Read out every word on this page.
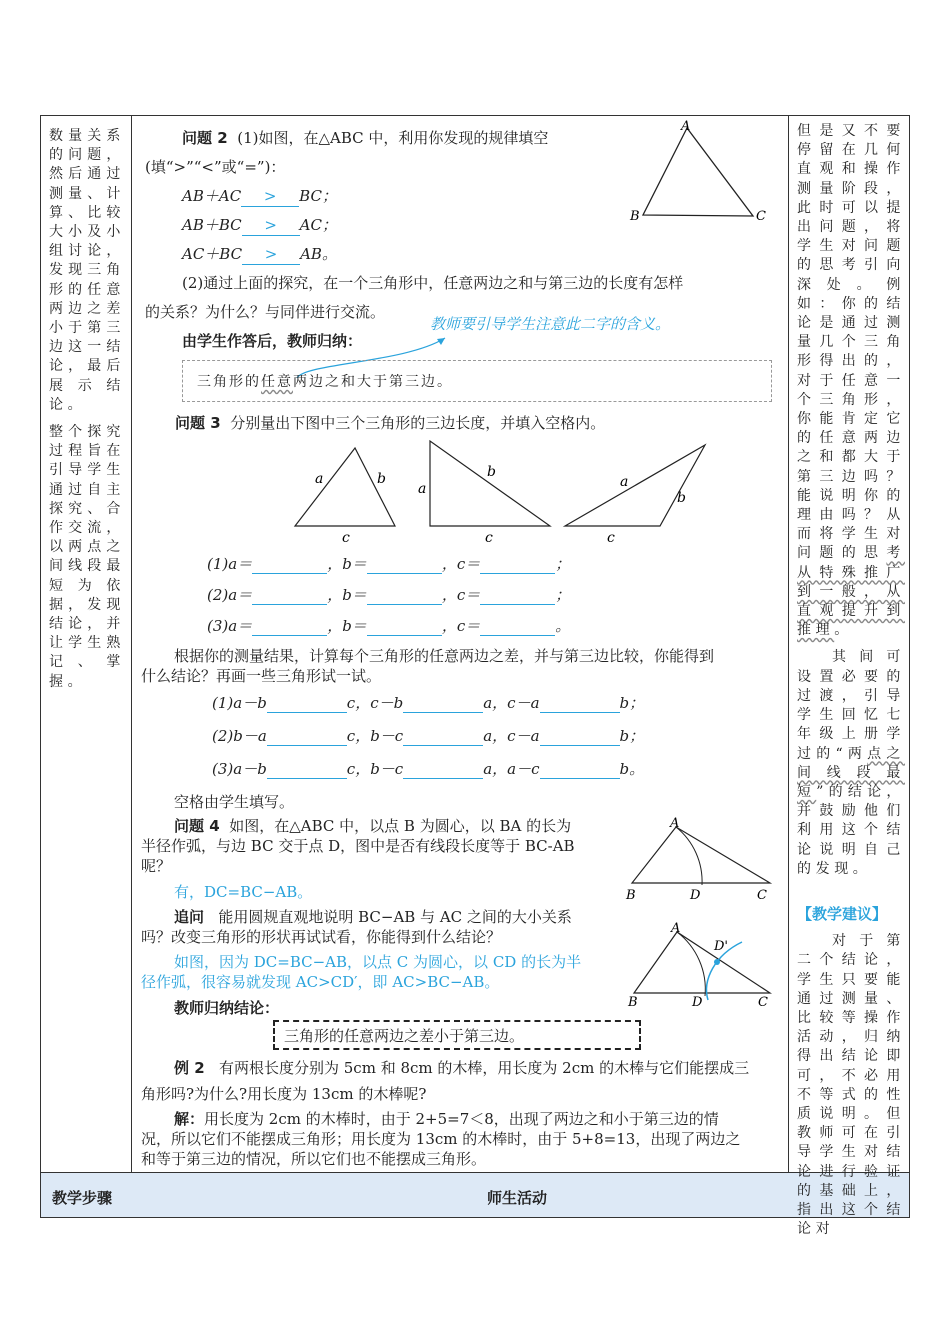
教学步骤	师生活动

数量关系的问题，然后通过测量、计算、比较大小及小组讨论，发现三角形的任意两边之差小于第三边这一结论，最后展示结论。

整个探究过程旨在引导学生通过自主探究、合作交流，以两点之间线段最短为依据，发现结论，并让学生熟记、掌握。

但是又不要停留在几何直观和操作测量阶段，此时可以提出问题，将学生对问题的思考引向深处。例如：你的结论是通过测量几个三角形得出的，对于任意一个三角形，你能肯定它的任意两边之和都大于第三边吗？能说明你的理由吗？从而将学生对问题的思考从特殊推广到一般，从直观提升到推理。

其间可设置必要的过渡，引导学生回忆七年级上册学过的“两点之间线段最短”的结论，并鼓励他们利用这个结论说明自己的发现。

【教学建议】

对于第二个结论，学生只要能通过测量、比较等操作活动，归纳得出结论即可，不必用不等式的性质说明。但教师可在引导学生对结论进行验证的基础上，指出这个结论对

问题 2 (1)如图，在△ABC 中，利用你发现的规律填空
(填“>”“<”或“=”)：
AB＋AC > BC；
AB＋BC > AC；
AC＋BC > AB。
(2)通过上面的探究，在一个三角形中，任意两边之和与第三边的长度有怎样
的关系？为什么？与同伴进行交流。
由学生作答后，教师归纳：
教师要引导学生注意此二字的含义。
三角形的任意两边之和大于第三边。
A
B	C
问题 3 分别量出下图中三个三角形的三边长度，并填入空格内。
a	b
c
a
b
c
a
b
c
(1)a＝	，b＝	，c＝	；
(2)a＝	，b＝	，c＝	；
(3)a＝	，b＝	，c＝	。
根据你的测量结果，计算每个三角形的任意两边之差，并与第三边比较，你能得到
什么结论？再画一些三角形试一试。
(1)a－b	c，c－b	a，c－a	b；
(2)b－a	c，b－c	a，c－a	b；
(3)a－b	c，b－c	a，a－c	b。
空格由学生填写。
问题 4 如图，在△ABC 中，以点 B 为圆心，以 BA 的长为
半径作弧，与边 BC 交于点 D，图中是否有线段长度等于 BC-AB
呢？
有，DC=BC−AB。
追问 能用圆规直观地说明 BC−AB 与 AC 之间的大小关系
吗？改变三角形的形状再试试看，你能得到什么结论？
如图，因为 DC=BC−AB，以点 C 为圆心，以 CD 的长为半
径作弧，很容易就发现 AC>CD′，即 AC>BC−AB。
教师归纳结论：
三角形的任意两边之差小于第三边。
A
B	D	C
A
B	D	C
D'
例 2 有两根长度分别为 5cm 和 8cm 的木棒，用长度为 2cm 的木棒与它们能摆成三
角形吗?为什么?用长度为 13cm 的木棒呢?
解：用长度为 2cm 的木棒时，由于 2+5=7＜8，出现了两边之和小于第三边的情
况，所以它们不能摆成三角形；用长度为 13cm 的木棒时，由于 5+8=13，出现了两边之
和等于第三边的情况，所以它们也不能摆成三角形。
